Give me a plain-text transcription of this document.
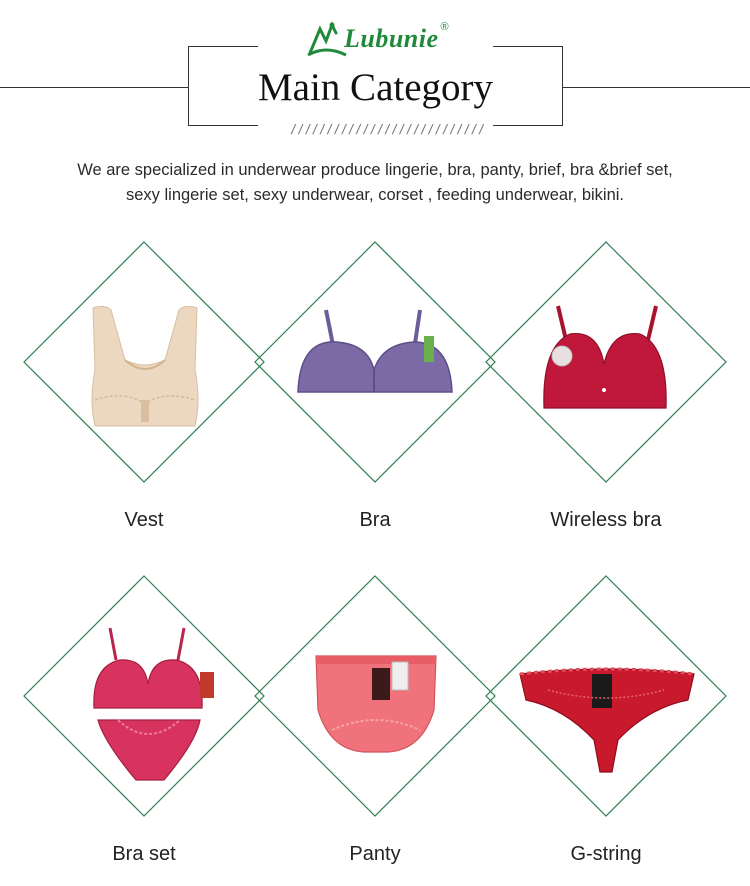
Lubunie ®
Main Category
///////////////////////////
We are specialized in underwear produce lingerie, bra, panty, brief, bra &brief set,
sexy lingerie set, sexy underwear, corset , feeding underwear, bikini.
Vest	Bra	Wireless bra
Bra set	Panty	G-string
